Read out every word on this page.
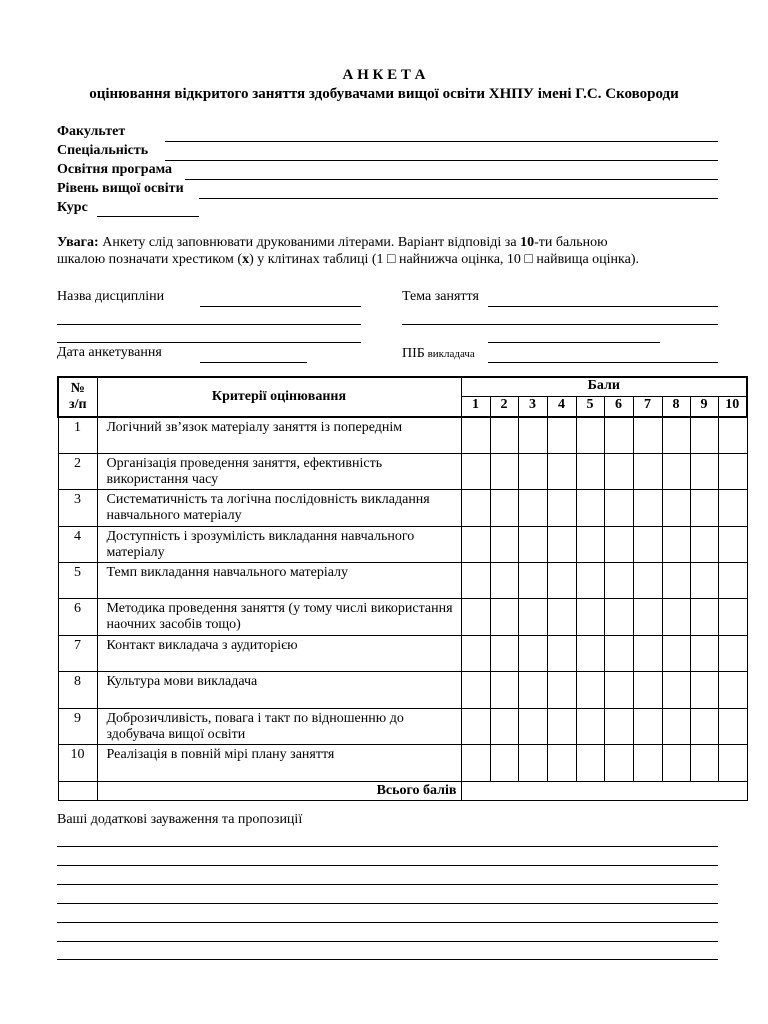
А Н К Е Т А
оцінювання відкритого заняття здобувачами вищої освіти ХНПУ імені Г.С. Сковороди
Факультет
Спеціальність
Освітня програма
Рівень вищої освіти
Курс
Увага: Анкету слід заповнювати друкованими літерами. Варіант відповіді за 10-ти бальною
шкалою позначати хрестиком (х) у клітинах таблиці (1 □ найнижча оцінка, 10 □ найвища оцінка).
Назва дисципліни	Тема заняття
Дата анкетування	ПІБ викладача
№
з/п	Критерії оцінювання	Бали									
		1	2	3	4	5	6	7	8	9	10
1	Логічний зв’язок матеріалу заняття із попереднім										
2	Організація проведення заняття, ефективність використання часу										
3	Систематичність та логічна послідовність викладання навчального матеріалу										
4	Доступність і зрозумілість викладання навчального матеріалу										
5	Темп викладання навчального матеріалу										
6	Методика проведення заняття (у тому числі використання наочних засобів тощо)										
7	Контакт викладача з аудиторією										
8	Культура мови викладача										
9	Доброзичливість, повага і такт по відношенню до здобувача вищої освіти										
10	Реалізація в повній мірі плану заняття										
	Всього балів										
Ваші додаткові зауваження та пропозиції
